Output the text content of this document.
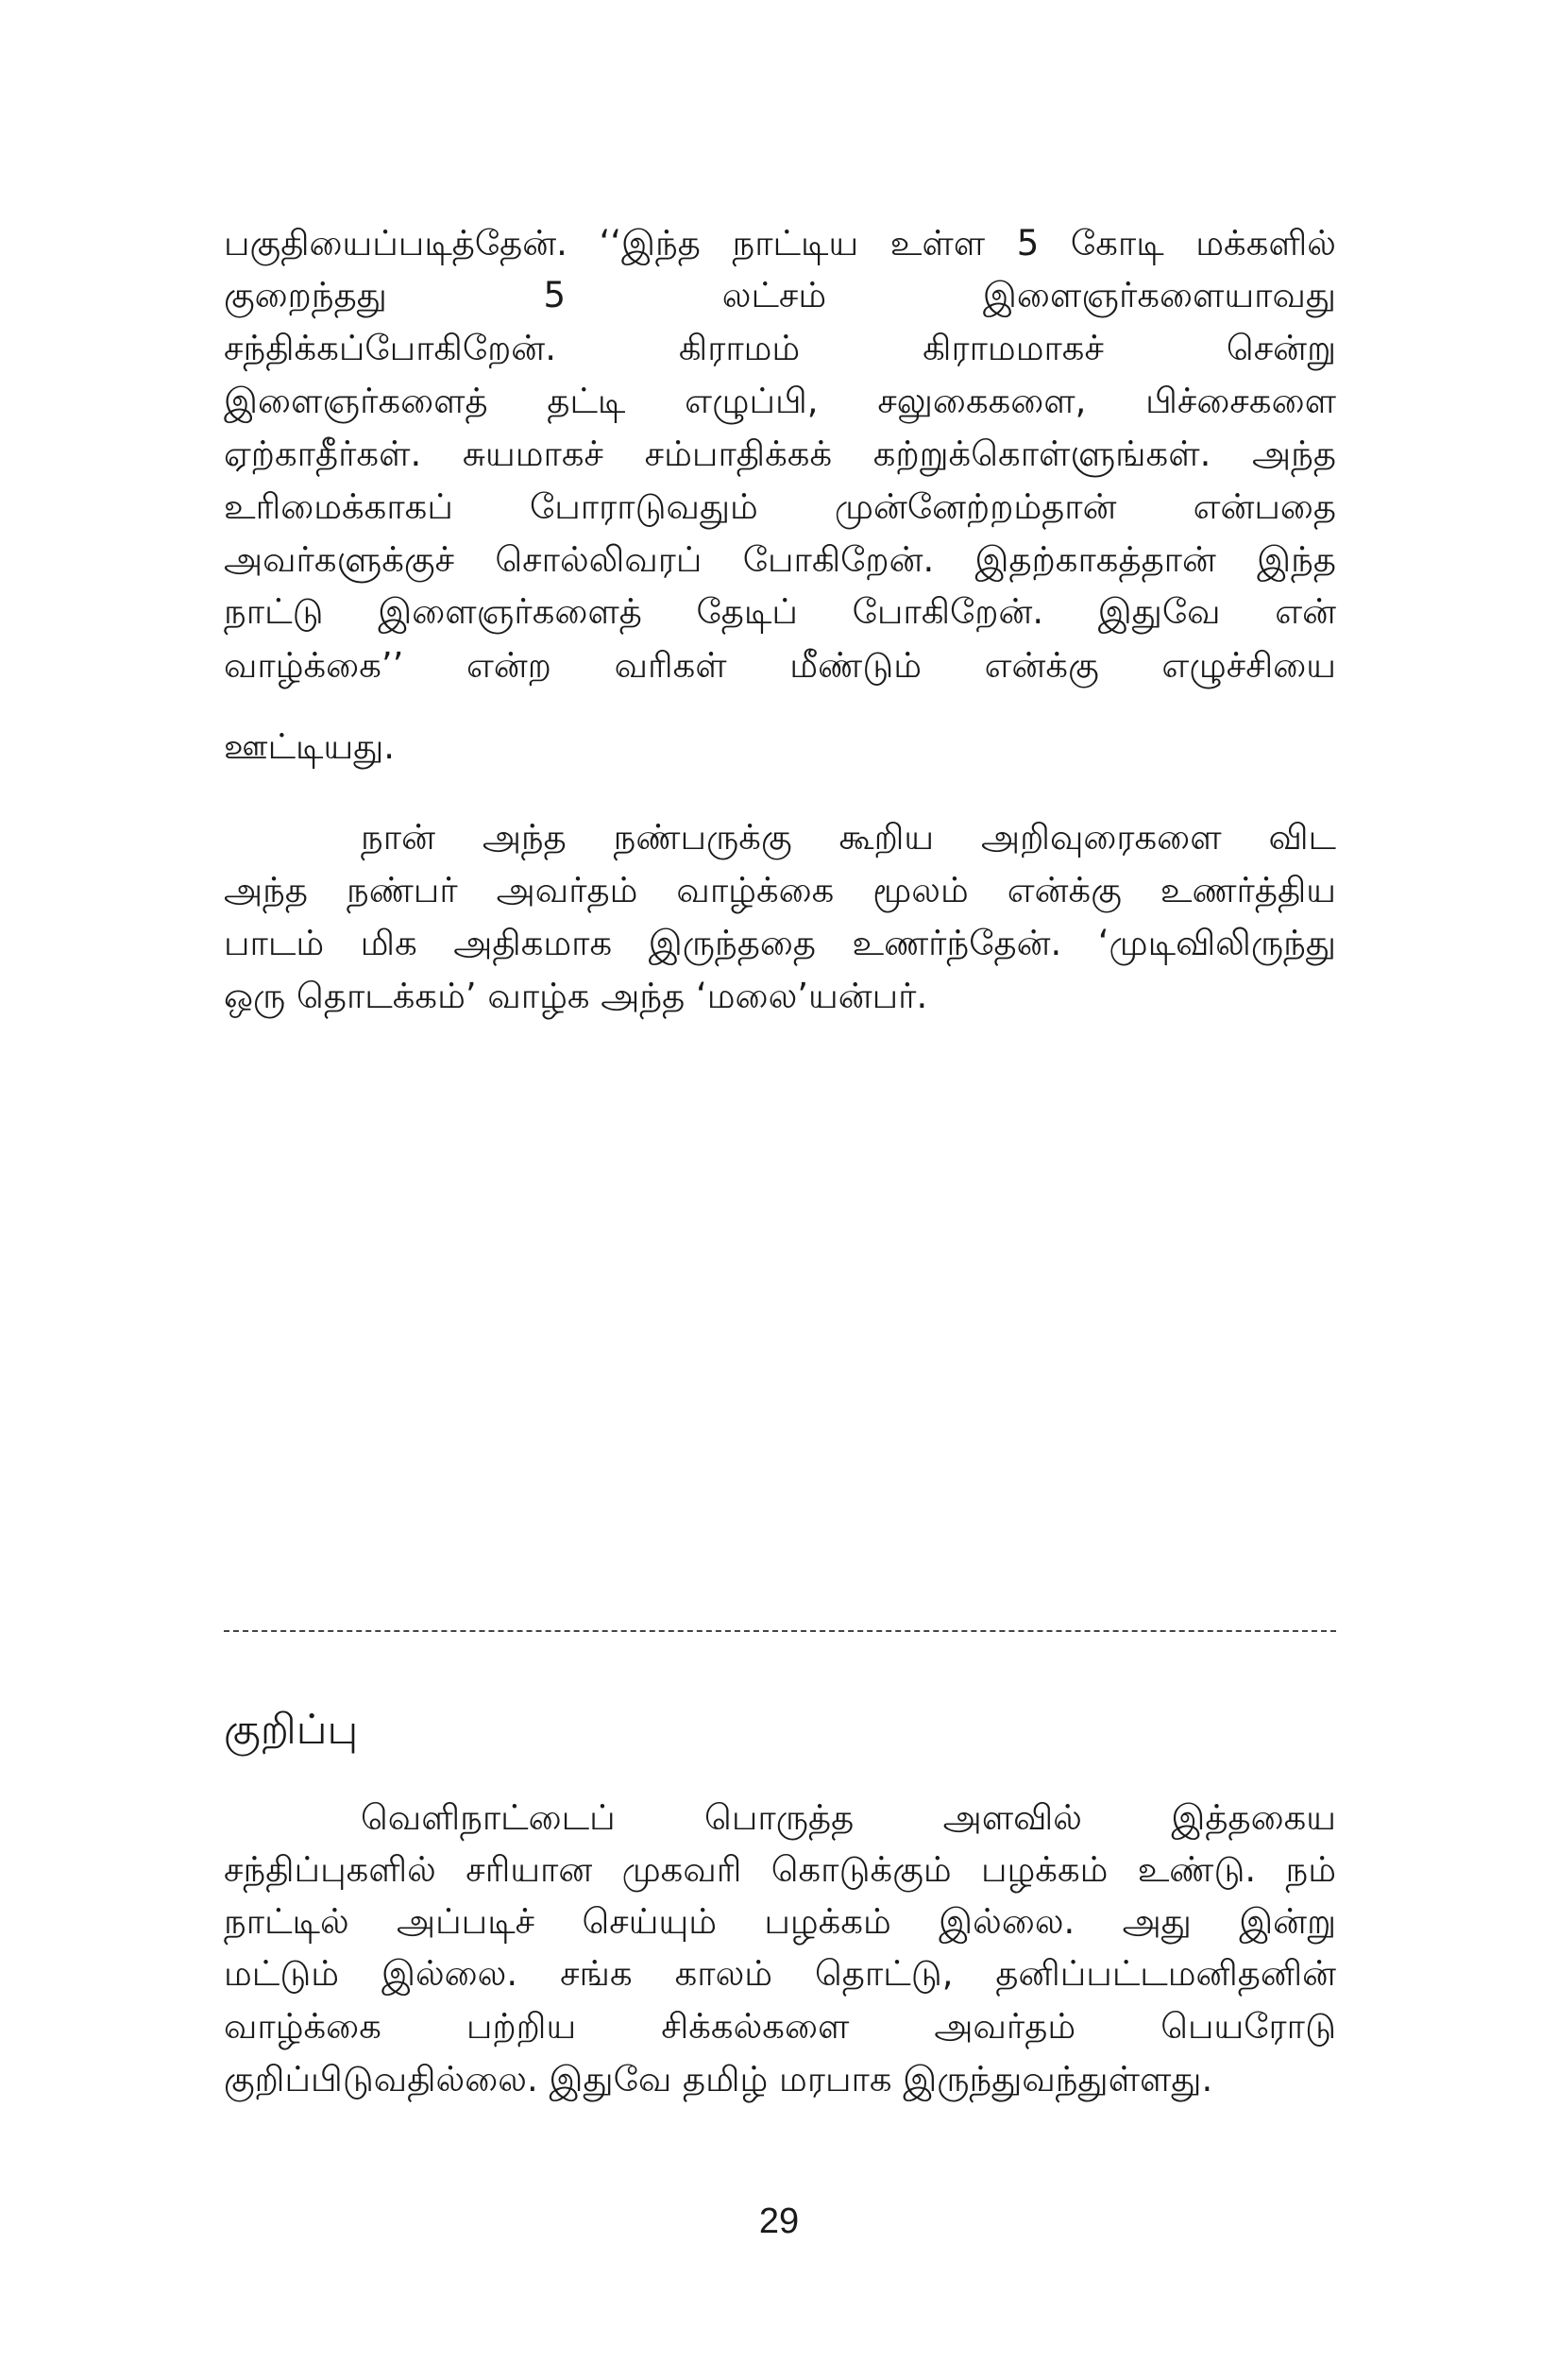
பகுதியைப்படித்தேன். ‘‘இந்த நாட்டிய உள்ள 5 கோடி மக்களில்
குறைந்தது 5 லட்சம் இளைஞர்களையாவது
சந்திக்கப்போகிறேன். கிராமம் கிராமமாகச் சென்று
இளைஞர்களைத் தட்டி எழுப்பி, சலுகைகளை, பிச்சைகளை
ஏற்காதீர்கள். சுயமாகச் சம்பாதிக்கக் கற்றுக்கொள்ளுங்கள். அந்த
உரிமைக்காகப் போராடுவதும் முன்னேற்றம்தான் என்பதை
அவர்களுக்குச் சொல்லிவரப் போகிறேன். இதற்காகத்தான் இந்த
நாட்டு இளைஞர்களைத் தேடிப் போகிறேன். இதுவே என்
வாழ்க்கை’’ என்ற வரிகள் மீண்டும் என்க்கு எழுச்சியை
ஊட்டியது.
நான் அந்த நண்பருக்கு கூறிய அறிவுரைகளை விட
அந்த நண்பர் அவர்தம் வாழ்க்கை மூலம் என்க்கு உணர்த்திய
பாடம் மிக அதிகமாக இருந்ததை உணர்ந்தேன். ‘முடிவிலிருந்து
ஒரு தொடக்கம்’ வாழ்க அந்த ‘மலை’யன்பர்.
குறிப்பு
வெளிநாட்டைப் பொருத்த அளவில் இத்தகைய
சந்திப்புகளில் சரியான முகவரி கொடுக்கும் பழக்கம் உண்டு. நம்
நாட்டில் அப்படிச் செய்யும் பழக்கம் இல்லை. அது இன்று
மட்டும் இல்லை. சங்க காலம் தொட்டு, தனிப்பட்டமனிதனின்
வாழ்க்கை பற்றிய சிக்கல்களை அவர்தம் பெயரோடு
குறிப்பிடுவதில்லை. இதுவே தமிழ் மரபாக இருந்துவந்துள்ளது.
29
